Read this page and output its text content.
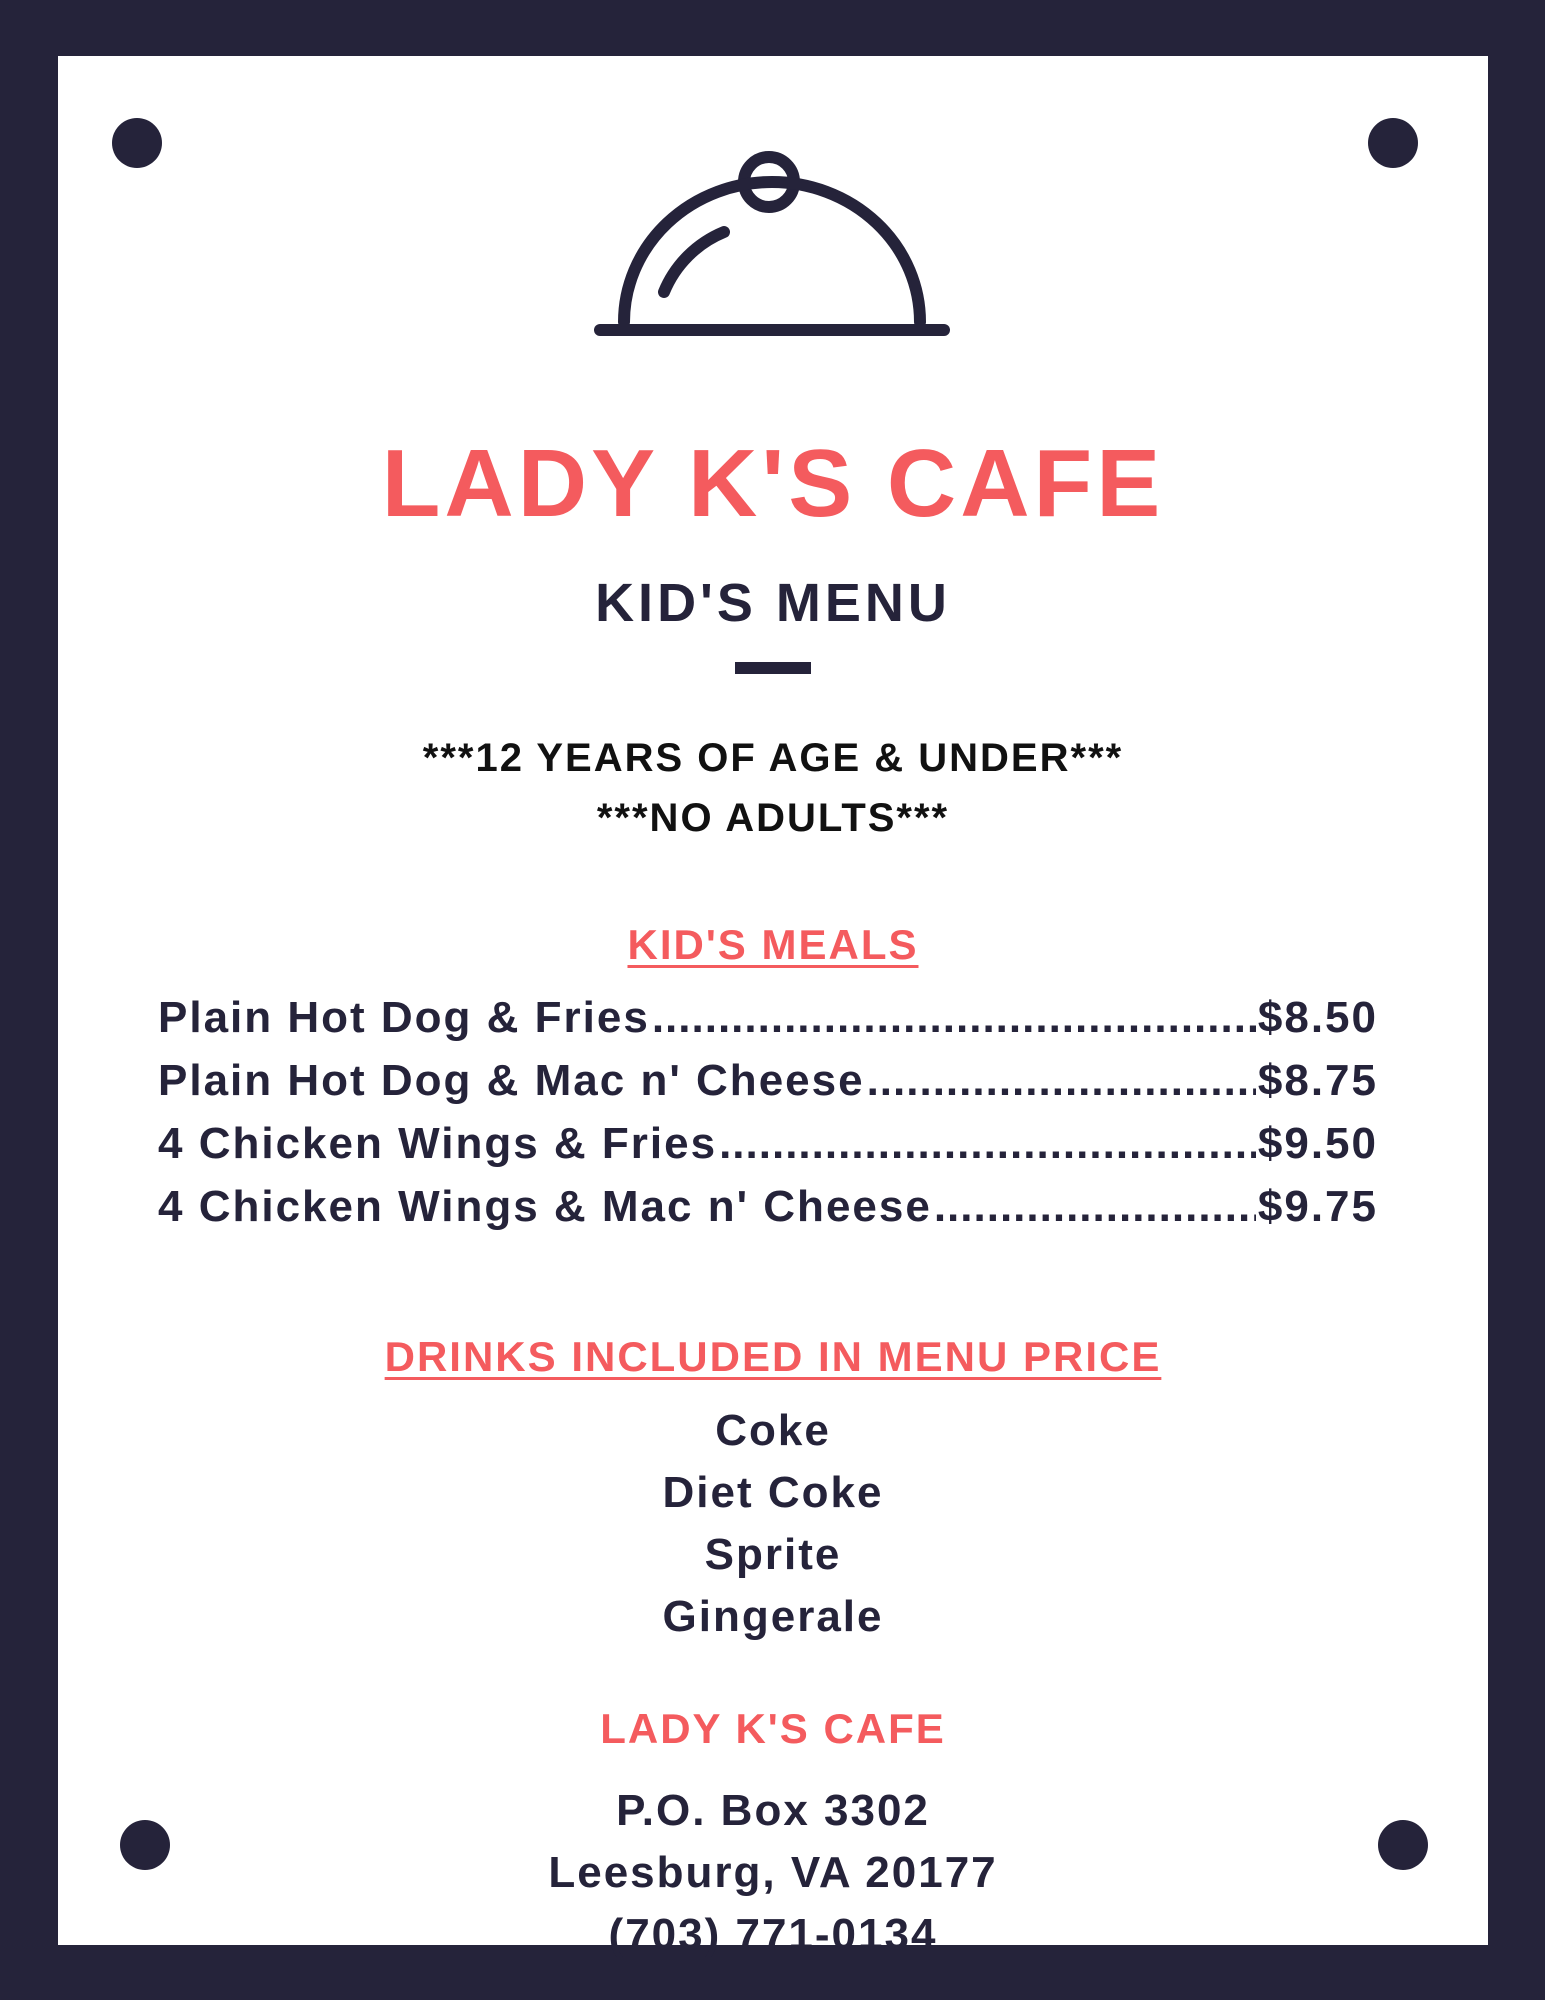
LADY K'S CAFE
KID'S MENU
***12 YEARS OF AGE & UNDER***
***NO ADULTS***
KID'S MEALS
Plain Hot Dog & Fries .....	$8.50
Plain Hot Dog & Mac n' Cheese .....	$8.75
4 Chicken Wings & Fries .....	$9.50
4 Chicken Wings & Mac n' Cheese .....	$9.75
DRINKS INCLUDED IN MENU PRICE
Coke
Diet Coke
Sprite
Gingerale
LADY K'S CAFE
P.O. Box 3302
Leesburg, VA 20177
(703) 771-0134
